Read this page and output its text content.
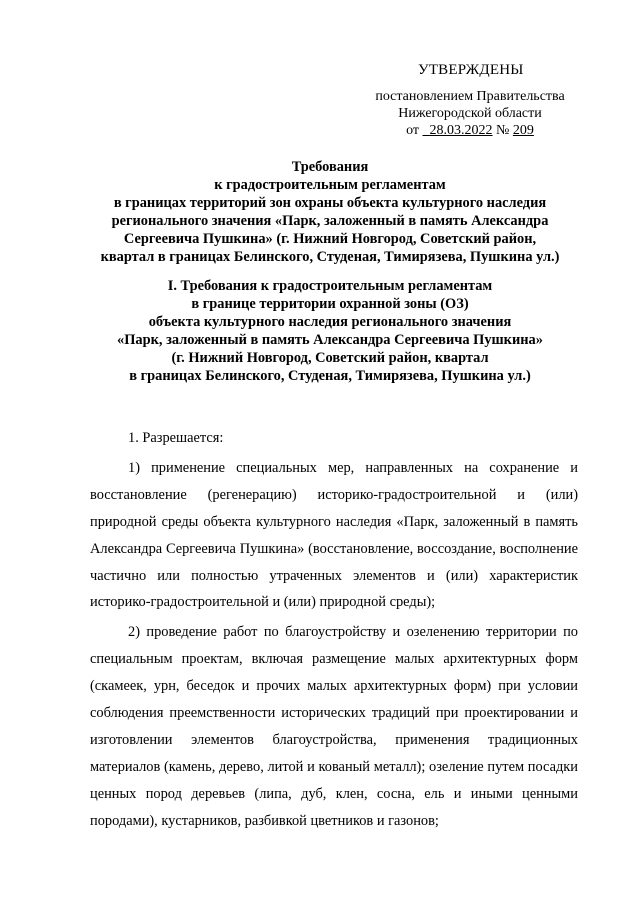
УТВЕРЖДЕНЫ
постановлением Правительства
Нижегородской области
от 28.03.2022 № 209
Требования
к градостроительным регламентам
в границах территорий зон охраны объекта культурного наследия
регионального значения «Парк, заложенный в память Александра
Сергеевича Пушкина» (г. Нижний Новгород, Советский район,
квартал в границах Белинского, Студеная, Тимирязева, Пушкина ул.)
I. Требования к градостроительным регламентам
в границе территории охранной зоны (ОЗ)
объекта культурного наследия регионального значения
«Парк, заложенный в память Александра Сергеевича Пушкина»
(г. Нижний Новгород, Советский район, квартал
в границах Белинского, Студеная, Тимирязева, Пушкина ул.)

1. Разрешается:

1) применение специальных мер, направленных на сохранение и восстановление (регенерацию) историко-градостроительной и (или) природной среды объекта культурного наследия «Парк, заложенный в память Александра Сергеевича Пушкина» (восстановление, воссоздание, восполнение частично или полностью утраченных элементов и (или) характеристик историко-градостроительной и (или) природной среды);

2) проведение работ по благоустройству и озеленению территории по специальным проектам, включая размещение малых архитектурных форм (скамеек, урн, беседок и прочих малых архитектурных форм) при условии соблюдения преемственности исторических традиций при проектировании и изготовлении элементов благоустройства, применения традиционных материалов (камень, дерево, литой и кованый металл); озеление путем посадки ценных пород деревьев (липа, дуб, клен, сосна, ель и иными ценными породами), кустарников, разбивкой цветников и газонов;
